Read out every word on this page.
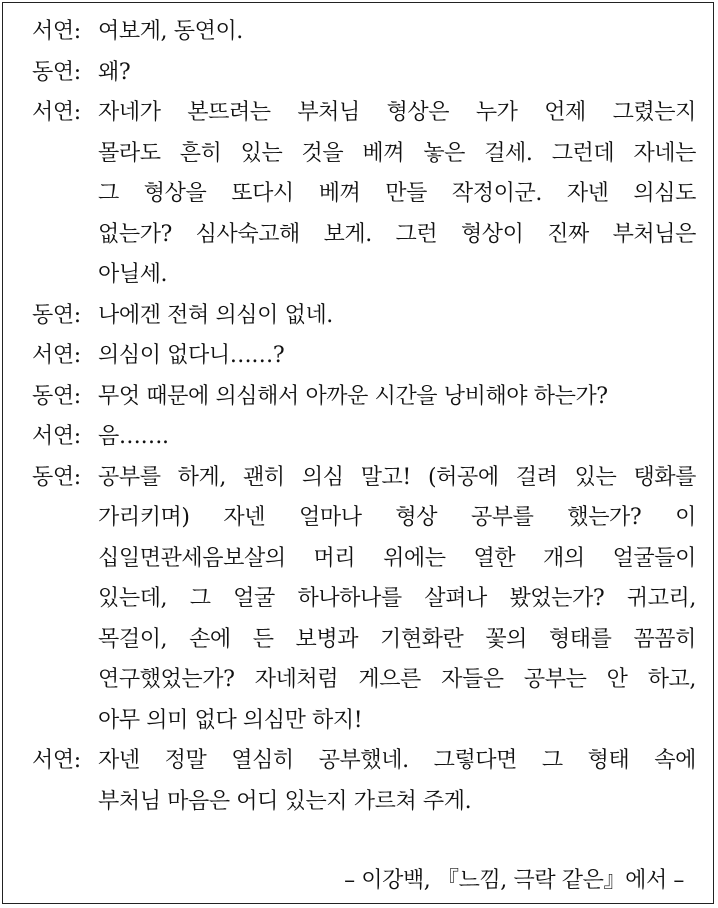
서연: 여보게, 동연이.
동연: 왜?
서연: 자네가 본뜨려는 부처님 형상은 누가 언제 그렸는지
몰라도 흔히 있는 것을 베껴 놓은 걸세. 그런데 자네는
그 형상을 또다시 베껴 만들 작정이군. 자넨 의심도
없는가? 심사숙고해 보게. 그런 형상이 진짜 부처님은
아닐세.
동연: 나에겐 전혀 의심이 없네.
서연: 의심이 없다니……?
동연: 무엇 때문에 의심해서 아까운 시간을 낭비해야 하는가?
서연: 음…….
동연: 공부를 하게, 괜히 의심 말고! (허공에 걸려 있는 탱화를
가리키며) 자넨 얼마나 형상 공부를 했는가? 이
십일면관세음보살의 머리 위에는 열한 개의 얼굴들이
있는데, 그 얼굴 하나하나를 살펴나 봤었는가? 귀고리,
목걸이, 손에 든 보병과 기현화란 꽃의 형태를 꼼꼼히
연구했었는가? 자네처럼 게으른 자들은 공부는 안 하고,
아무 의미 없다 의심만 하지!
서연: 자넨 정말 열심히 공부했네. 그렇다면 그 형태 속에
부처님 마음은 어디 있는지 가르쳐 주게.
– 이강백, 『느낌, 극락 같은』에서 –
